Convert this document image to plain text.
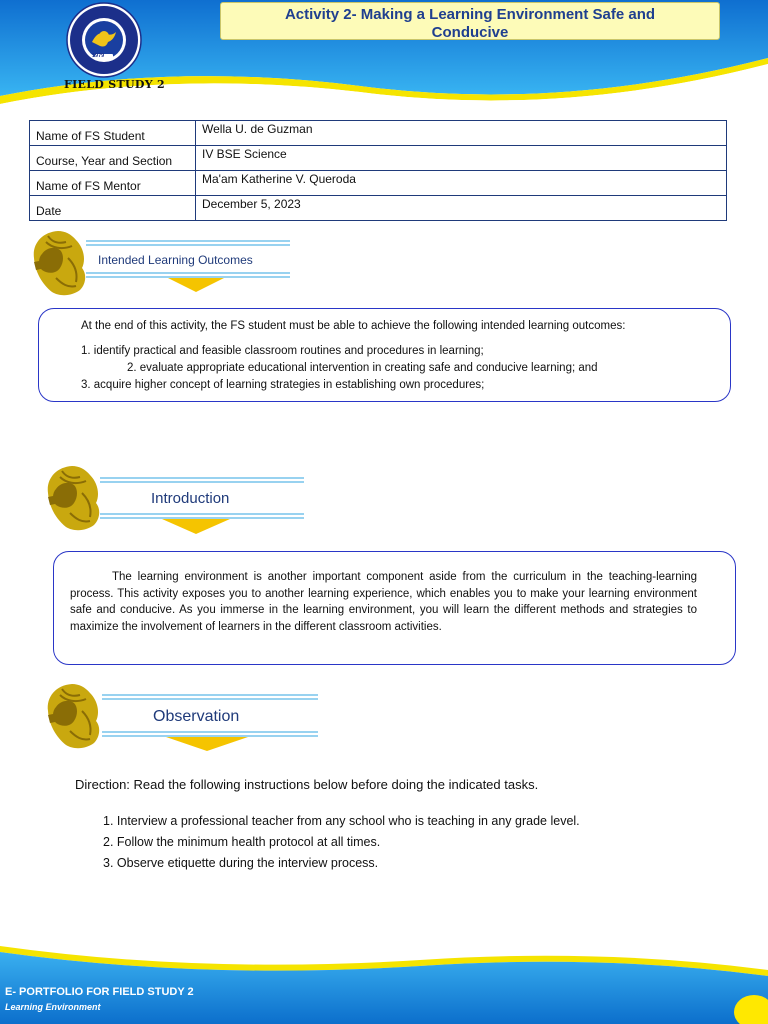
Activity 2- Making a Learning Environment Safe and
Conducive
1979
FIELD STUDY 2
Name of FS Student	Wella U. de Guzman
Course, Year and Section	IV BSE Science
Name of FS Mentor	Ma'am Katherine V. Queroda
Date	December 5, 2023
Intended Learning Outcomes
At the end of this activity, the FS student must be able to achieve the following intended learning outcomes:
1. identify practical and feasible classroom routines and procedures in learning;
2. evaluate appropriate educational intervention in creating safe and conducive learning; and
3. acquire higher concept of learning strategies in establishing own procedures;
Introduction
The learning environment is another important component aside from the curriculum in the teaching-learning process. This activity exposes you to another learning experience, which enables you to make your learning environment safe and conducive. As you immerse in the learning environment, you will learn the different methods and strategies to maximize the involvement of learners in the different classroom activities.
Observation
Direction: Read the following instructions below before doing the indicated tasks.
1. Interview a professional teacher from any school who is teaching in any grade level.
2. Follow the minimum health protocol at all times.
3. Observe etiquette during the interview process.
E- PORTFOLIO FOR FIELD STUDY 2
Learning Environment
